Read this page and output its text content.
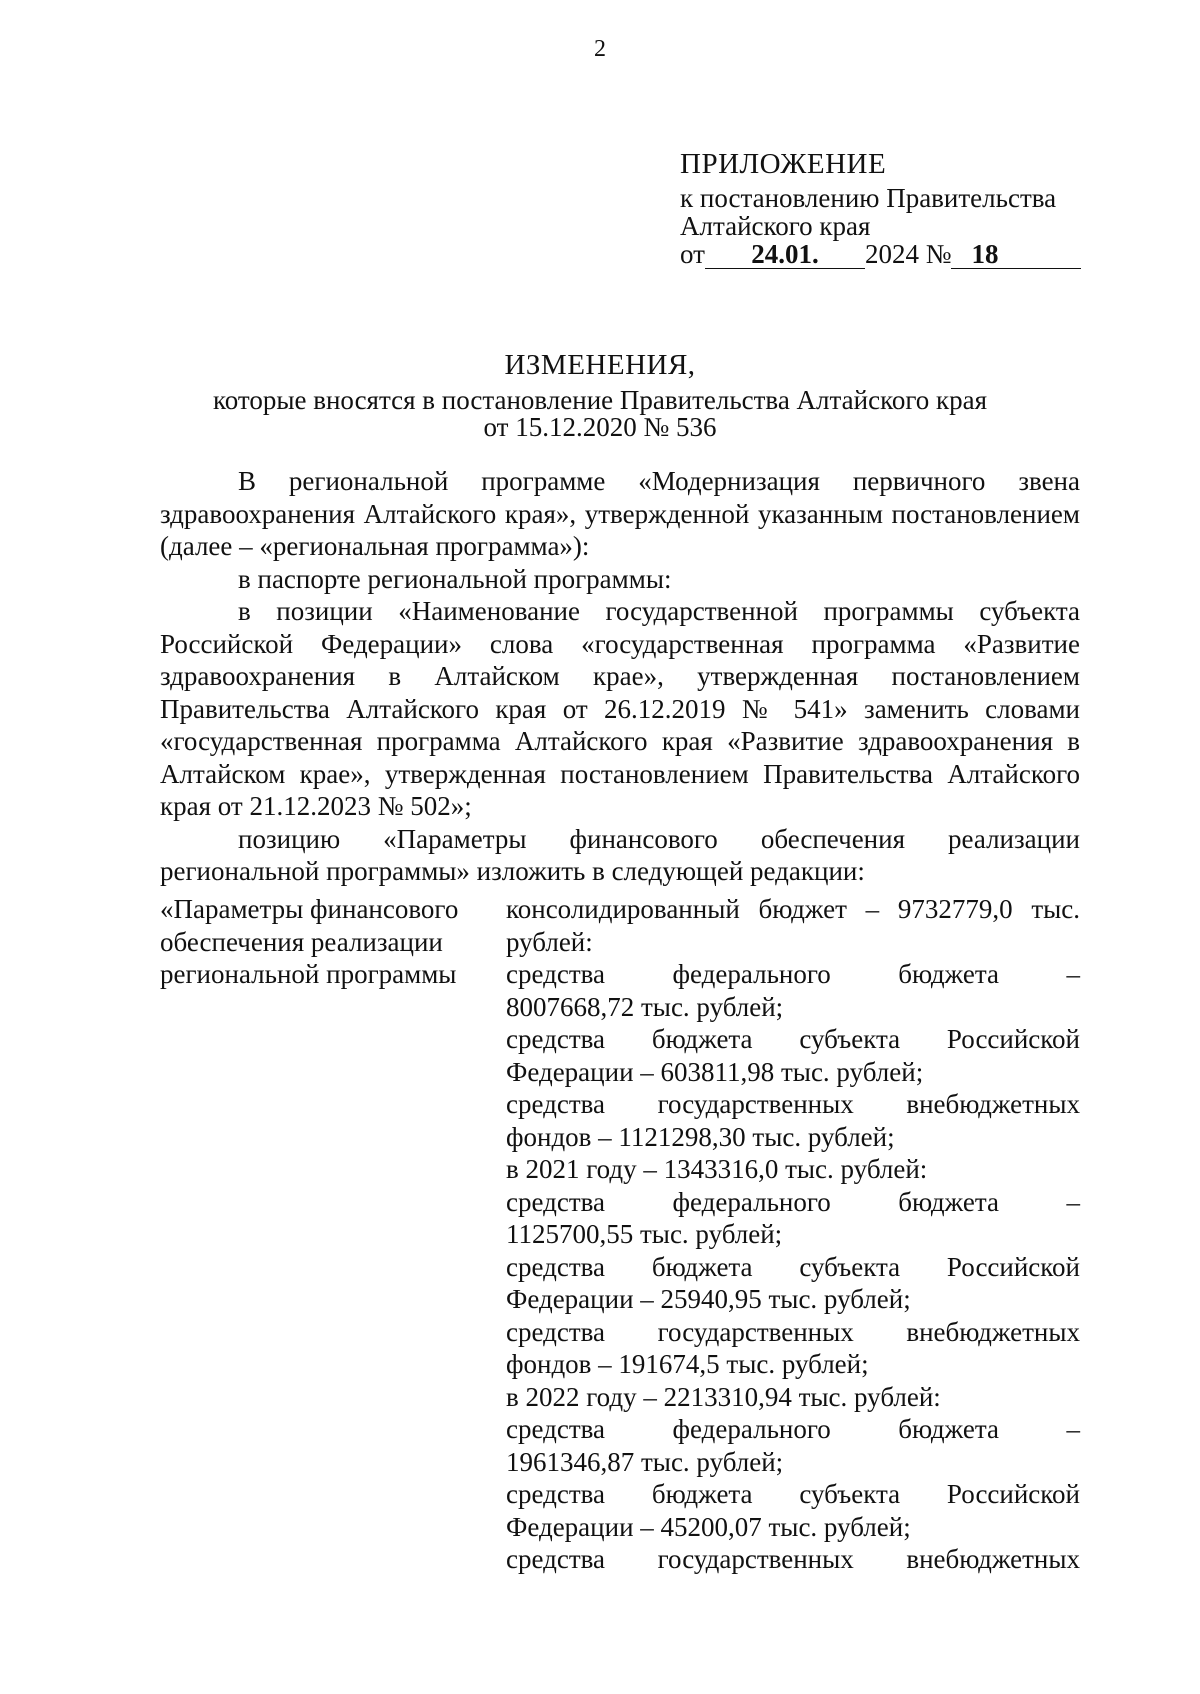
2
ПРИЛОЖЕНИЕ
к постановлению Правительства
Алтайского края
от 24.01. 2024 № 18
ИЗМЕНЕНИЯ,
которые вносятся в постановление Правительства Алтайского края
от 15.12.2020 № 536

В региональной программе «Модернизация первичного звена здравоохранения Алтайского края», утвержденной указанным постановлением (далее – «региональная программа»):

в паспорте региональной программы:

в позиции «Наименование государственной программы субъекта Российской Федерации» слова «государственная программа «Развитие здравоохранения в Алтайском крае», утвержденная постановлением Правительства Алтайского края от 26.12.2019 № 541» заменить словами «государственная программа Алтайского края «Развитие здравоохранения в Алтайском крае», утвержденная постановлением Правительства Алтайского края от 21.12.2023 № 502»;

позицию «Параметры финансового обеспечения реализации региональной программы» изложить в следующей редакции:

«Параметры финансового
обеспечения реализации
региональной программы
консолидированный бюджет – 9732779,0 тыс.
рублей:
средства федерального бюджета –
8007668,72 тыс. рублей;
средства бюджета субъекта Российской
Федерации – 603811,98 тыс. рублей;
средства государственных внебюджетных
фондов – 1121298,30 тыс. рублей;
в 2021 году – 1343316,0 тыс. рублей:
средства федерального бюджета –
1125700,55 тыс. рублей;
средства бюджета субъекта Российской
Федерации – 25940,95 тыс. рублей;
средства государственных внебюджетных
фондов – 191674,5 тыс. рублей;
в 2022 году – 2213310,94 тыс. рублей:
средства федерального бюджета –
1961346,87 тыс. рублей;
средства бюджета субъекта Российской
Федерации – 45200,07 тыс. рублей;
средства государственных внебюджетных
